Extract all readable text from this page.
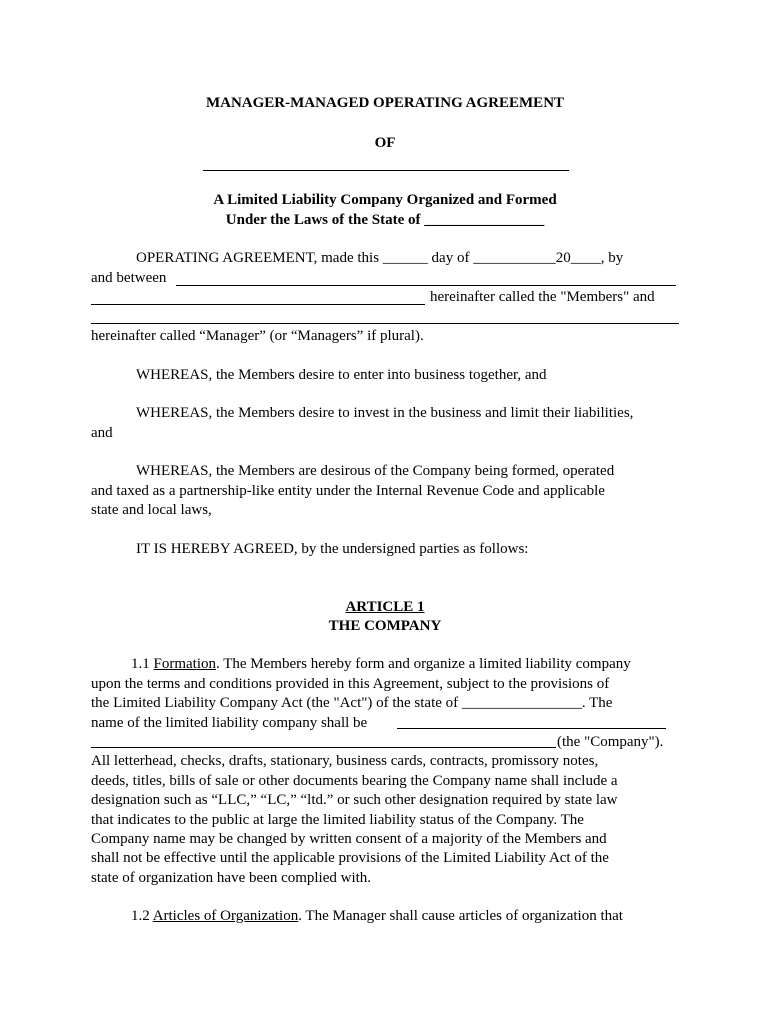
MANAGER-MANAGED OPERATING AGREEMENT
OF
A Limited Liability Company Organized and Formed
Under the Laws of the State of ________________
OPERATING AGREEMENT, made this ______ day of ___________20____, by
and between
hereinafter called the "Members" and
hereinafter called “Manager” (or “Managers” if plural).
WHEREAS, the Members desire to enter into business together, and
WHEREAS, the Members desire to invest in the business and limit their liabilities,
and
WHEREAS, the Members are desirous of the Company being formed, operated
and taxed as a partnership-like entity under the Internal Revenue Code and applicable
state and local laws,
IT IS HEREBY AGREED, by the undersigned parties as follows:
ARTICLE 1
THE COMPANY
1.1 Formation. The Members hereby form and organize a limited liability company
upon the terms and conditions provided in this Agreement, subject to the provisions of
the Limited Liability Company Act (the "Act") of the state of ________________. The
name of the limited liability company shall be
(the "Company").
All letterhead, checks, drafts, stationary, business cards, contracts, promissory notes,
deeds, titles, bills of sale or other documents bearing the Company name shall include a
designation such as “LLC,” “LC,” “ltd.” or such other designation required by state law
that indicates to the public at large the limited liability status of the Company. The
Company name may be changed by written consent of a majority of the Members and
shall not be effective until the applicable provisions of the Limited Liability Act of the
state of organization have been complied with.
1.2 Articles of Organization. The Manager shall cause articles of organization that
